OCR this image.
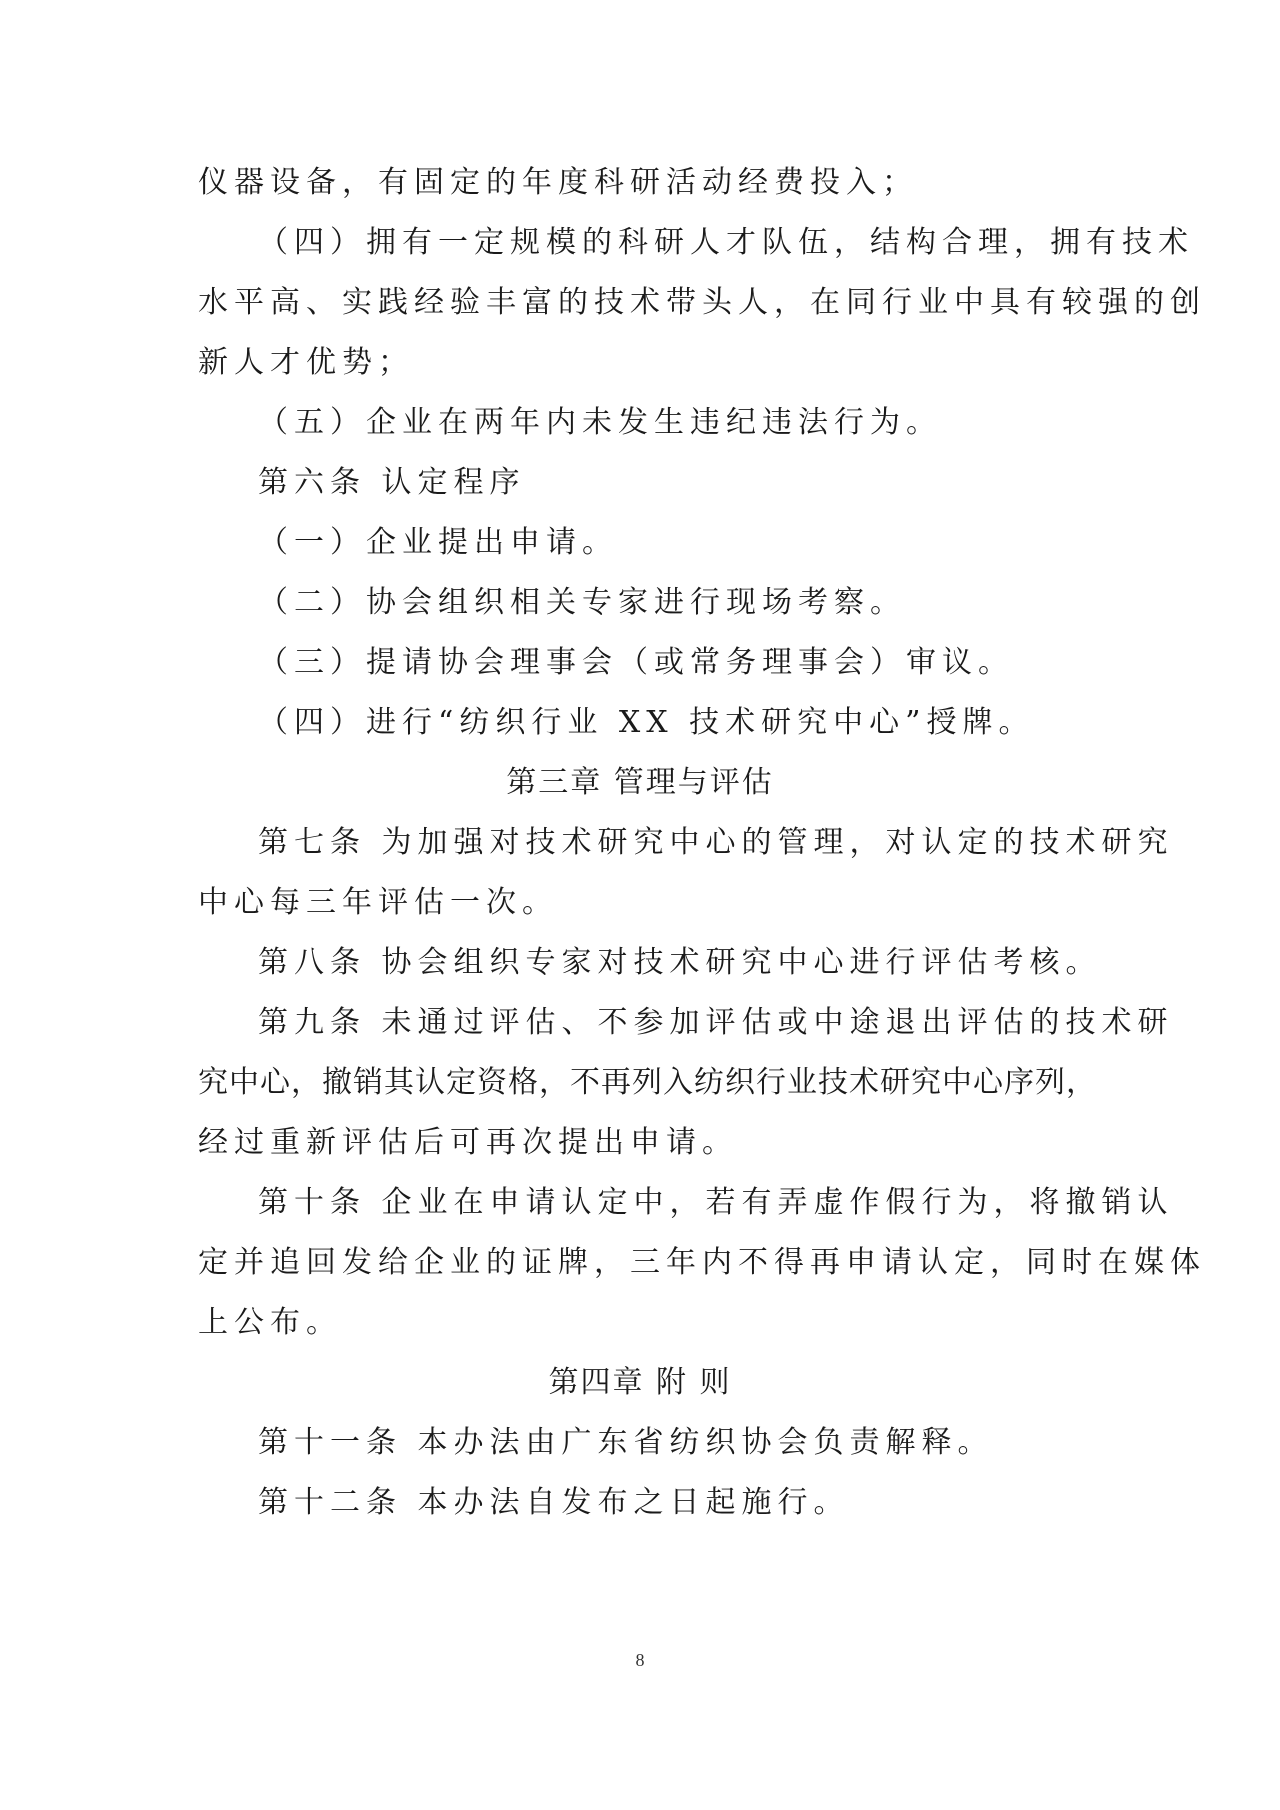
仪器设备，有固定的年度科研活动经费投入；
（四）拥有一定规模的科研人才队伍，结构合理，拥有技术
水平高、实践经验丰富的技术带头人，在同行业中具有较强的创
新人才优势；
（五）企业在两年内未发生违纪违法行为。
第六条 认定程序
（一）企业提出申请。
（二）协会组织相关专家进行现场考察。
（三）提请协会理事会（或常务理事会）审议。
（四）进行“纺织行业 XX 技术研究中心”授牌。
第三章 管理与评估
第七条 为加强对技术研究中心的管理，对认定的技术研究
中心每三年评估一次。
第八条 协会组织专家对技术研究中心进行评估考核。
第九条 未通过评估、不参加评估或中途退出评估的技术研
究中心，撤销其认定资格，不再列入纺织行业技术研究中心序列，
经过重新评估后可再次提出申请。
第十条 企业在申请认定中，若有弄虚作假行为，将撤销认
定并追回发给企业的证牌，三年内不得再申请认定，同时在媒体
上公布。
第四章 附 则
第十一条 本办法由广东省纺织协会负责解释。
第十二条 本办法自发布之日起施行。
8
